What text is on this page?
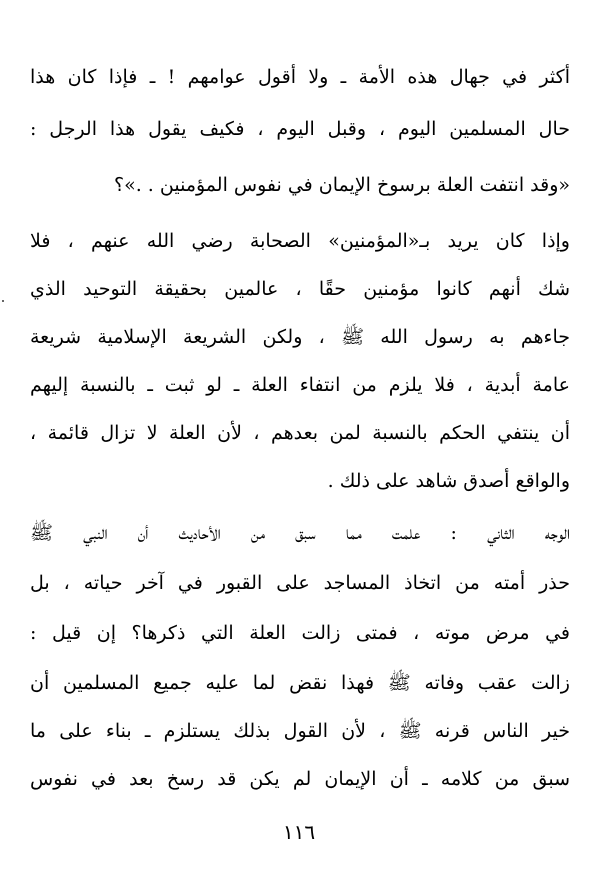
أكثر في جهال هذه الأمة ـ ولا أقول عوامهم ! ـ فإذا كان هذا
حال المسلمين اليوم ، وقبل اليوم ، فكيف يقول هذا الرجل :
«وقد انتفت العلة برسوخ الإيمان في نفوس المؤمنين . .»؟
وإذا كان يريد بـ«المؤمنين» الصحابة رضي الله عنهم ، فلا
شك أنهم كانوا مؤمنين حقًا ، عالمين بحقيقة التوحيد الذي
جاءهم به رسول الله ﷺ ، ولكن الشريعة الإسلامية شريعة
عامة أبدية ، فلا يلزم من انتفاء العلة ـ لو ثبت ـ بالنسبة إليهم
أن ينتفي الحكم بالنسبة لمن بعدهم ، لأن العلة لا تزال قائمة ،
والواقع أصدق شاهد على ذلك .
الوجه الثاني : علمت مما سبق من الأحاديث أن النبي ﷺ
حذر أمته من اتخاذ المساجد على القبور في آخر حياته ، بل
في مرض موته ، فمتى زالت العلة التي ذكرها؟ إن قيل :
زالت عقب وفاته ﷺ فهذا نقض لما عليه جميع المسلمين أن
خير الناس قرنه ﷺ ، لأن القول بذلك يستلزم ـ بناء على ما
سبق من كلامه ـ أن الإيمان لم يكن قد رسخ بعد في نفوس
١١٦
